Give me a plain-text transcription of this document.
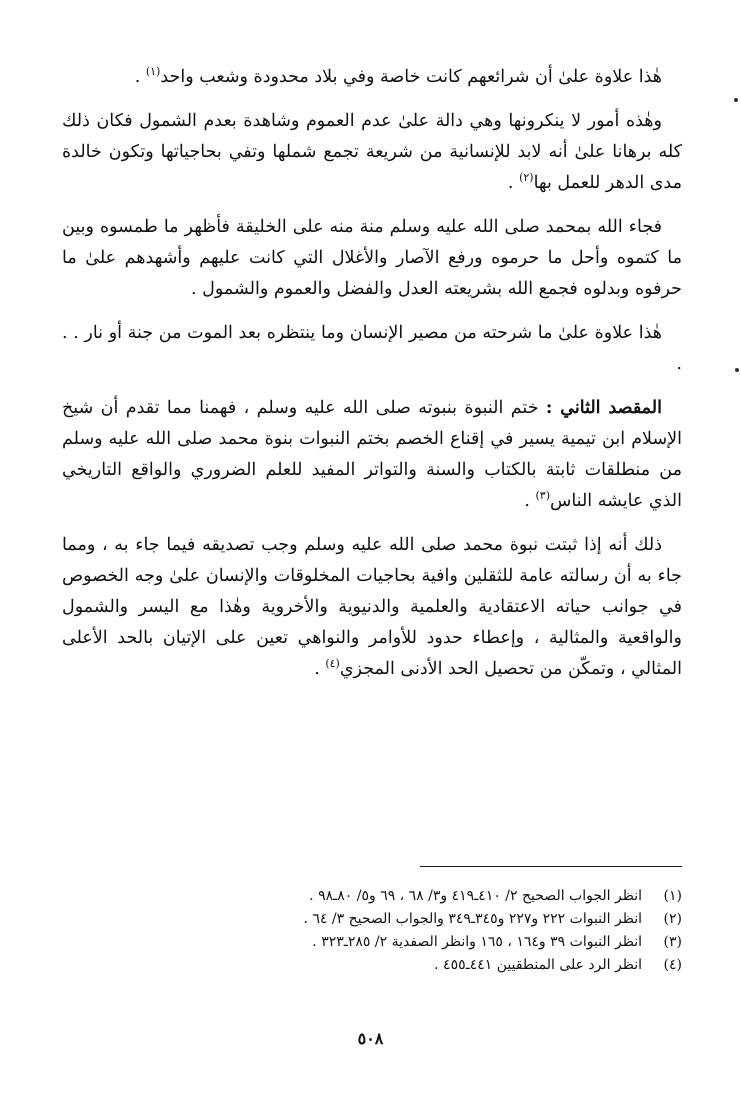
هٰذا علاوة علىٰ أن شرائعهم كانت خاصة وفي بلاد محدودة وشعب واحد$^{(١)}$ .

وهٰذه أمور لا ينكرونها وهي دالة علىٰ عدم العموم وشاهدة بعدم الشمول فكان ذلك كله برهانا علىٰ أنه لابد للإنسانية من شريعة تجمع شملها وتفي بحاجياتها وتكون خالدة مدى الدهر للعمل بها$^{(٢)}$ .

فجاء الله بمحمد صلى الله عليه وسلم منة منه على الخليقة فأظهر ما طمسوه وبين ما كتموه وأحل ما حرموه ورفع الآصار والأغلال التي كانت عليهم وأشهدهم علىٰ ما حرفوه وبدلوه فجمع الله بشريعته العدل والفضل والعموم والشمول .

هٰذا علاوة علىٰ ما شرحته من مصير الإنسان وما ينتظره بعد الموت من جنة أو نار . . .

المقصد الثاني : ختم النبوة بنبوته صلى الله عليه وسلم ، فهمنا مما تقدم أن شيخ الإسلام ابن تيمية يسير في إقناع الخصم بختم النبوات بنوة محمد صلى الله عليه وسلم من منطلقات ثابتة بالكتاب والسنة والتواتر المفيد للعلم الضروري والواقع التاريخي الذي عايشه الناس$^{(٣)}$ .

ذلك أنه إذا ثبتت نبوة محمد صلى الله عليه وسلم وجب تصديقه فيما جاء به ، ومما جاء به أن رسالته عامة للثقلين وافية بحاجيات المخلوقات والإنسان علىٰ وجه الخصوص في جوانب حياته الاعتقادية والعلمية والدنيوية والأخروية وهٰذا مع اليسر والشمول والواقعية والمثالية ، وإعطاء حدود للأوامر والنواهي تعين على الإتيان بالحد الأعلى المثالي ، وتمكّن من تحصيل الحد الأدنى المجزي$^{(٤)}$ .

(١)
انظر الجواب الصحيح ٢/ ٤١٠ـ٤١٩ و٣/ ٦٨ ، ٦٩ و٥/ ٨٠ـ٩٨ .
(٢)
انظر النبوات ٢٢٢ و٢٢٧ و٣٤٥ـ٣٤٩ والجواب الصحيح ٣/ ٦٤ .
(٣)
انظر النبوات ٣٩ و١٦٤ ، ١٦٥ وانظر الصفدية ٢/ ٢٨٥ـ٣٢٣ .
(٤)
انظر الرد على المنطقيين ٤٤١ـ٤٥٥ .
٥٠٨
